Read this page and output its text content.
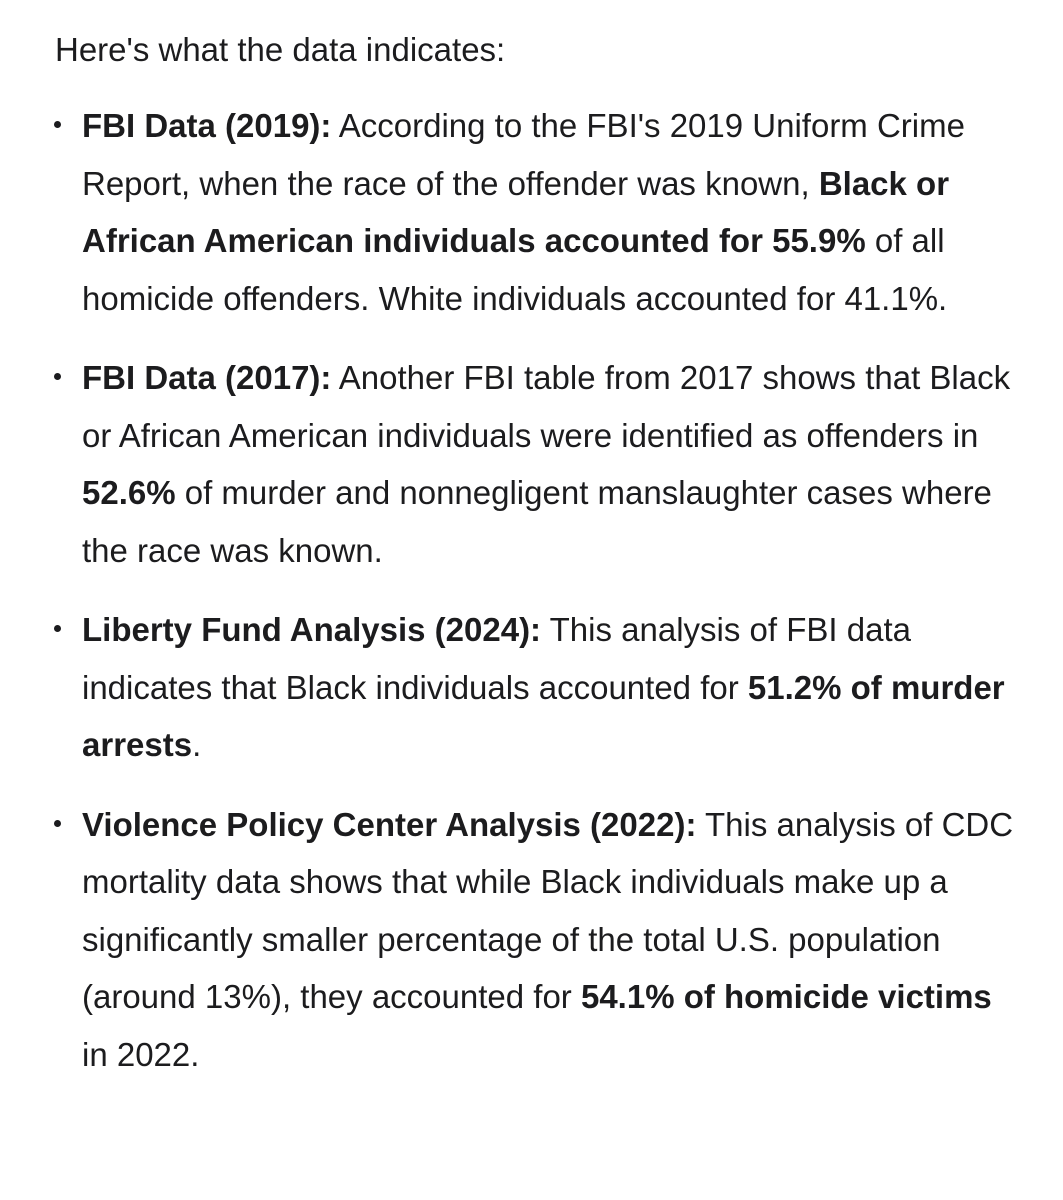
Here's what the data indicates:

FBI Data (2019): According to the FBI's 2019 Uniform Crime Report, when the race of the offender was known, Black or African American individuals accounted for 55.9% of all homicide offenders. White individuals accounted for 41.1%.
FBI Data (2017): Another FBI table from 2017 shows that Black or African American individuals were identified as offenders in 52.6% of murder and nonnegligent manslaughter cases where the race was known.
Liberty Fund Analysis (2024): This analysis of FBI data indicates that Black individuals accounted for 51.2% of murder arrests.
Violence Policy Center Analysis (2022): This analysis of CDC mortality data shows that while Black individuals make up a significantly smaller percentage of the total U.S. population (around 13%), they accounted for 54.1% of homicide victims in 2022.
